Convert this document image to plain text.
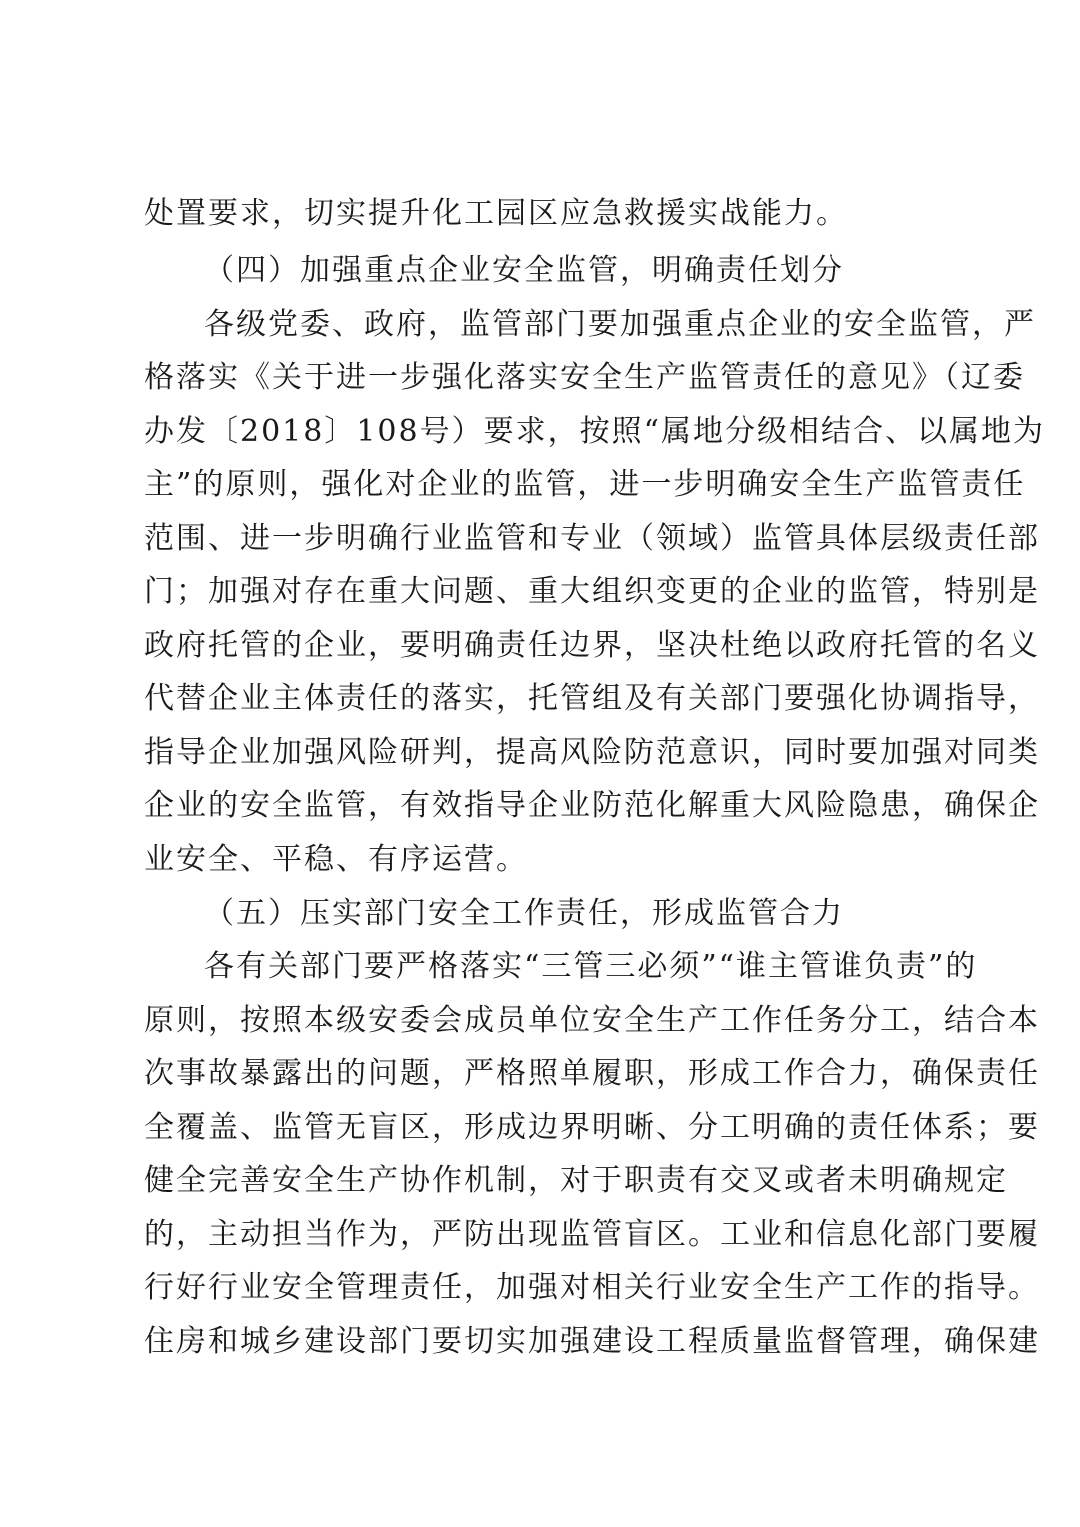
处置要求，切实提升化工园区应急救援实战能力。
（四）加强重点企业安全监管，明确责任划分
各级党委、政府，监管部门要加强重点企业的安全监管，严
格落实《关于进一步强化落实安全生产监管责任的意见》（辽委
办发〔2018〕108号）要求，按照“属地分级相结合、以属地为
主”的原则，强化对企业的监管，进一步明确安全生产监管责任
范围、进一步明确行业监管和专业（领域）监管具体层级责任部
门；加强对存在重大问题、重大组织变更的企业的监管，特别是
政府托管的企业，要明确责任边界，坚决杜绝以政府托管的名义
代替企业主体责任的落实，托管组及有关部门要强化协调指导，
指导企业加强风险研判，提高风险防范意识，同时要加强对同类
企业的安全监管，有效指导企业防范化解重大风险隐患，确保企
业安全、平稳、有序运营。
（五）压实部门安全工作责任，形成监管合力
各有关部门要严格落实“三管三必须”“谁主管谁负责”的
原则，按照本级安委会成员单位安全生产工作任务分工，结合本
次事故暴露出的问题，严格照单履职，形成工作合力，确保责任
全覆盖、监管无盲区，形成边界明晰、分工明确的责任体系；要
健全完善安全生产协作机制，对于职责有交叉或者未明确规定
的，主动担当作为，严防出现监管盲区。工业和信息化部门要履
行好行业安全管理责任，加强对相关行业安全生产工作的指导。
住房和城乡建设部门要切实加强建设工程质量监督管理，确保建
